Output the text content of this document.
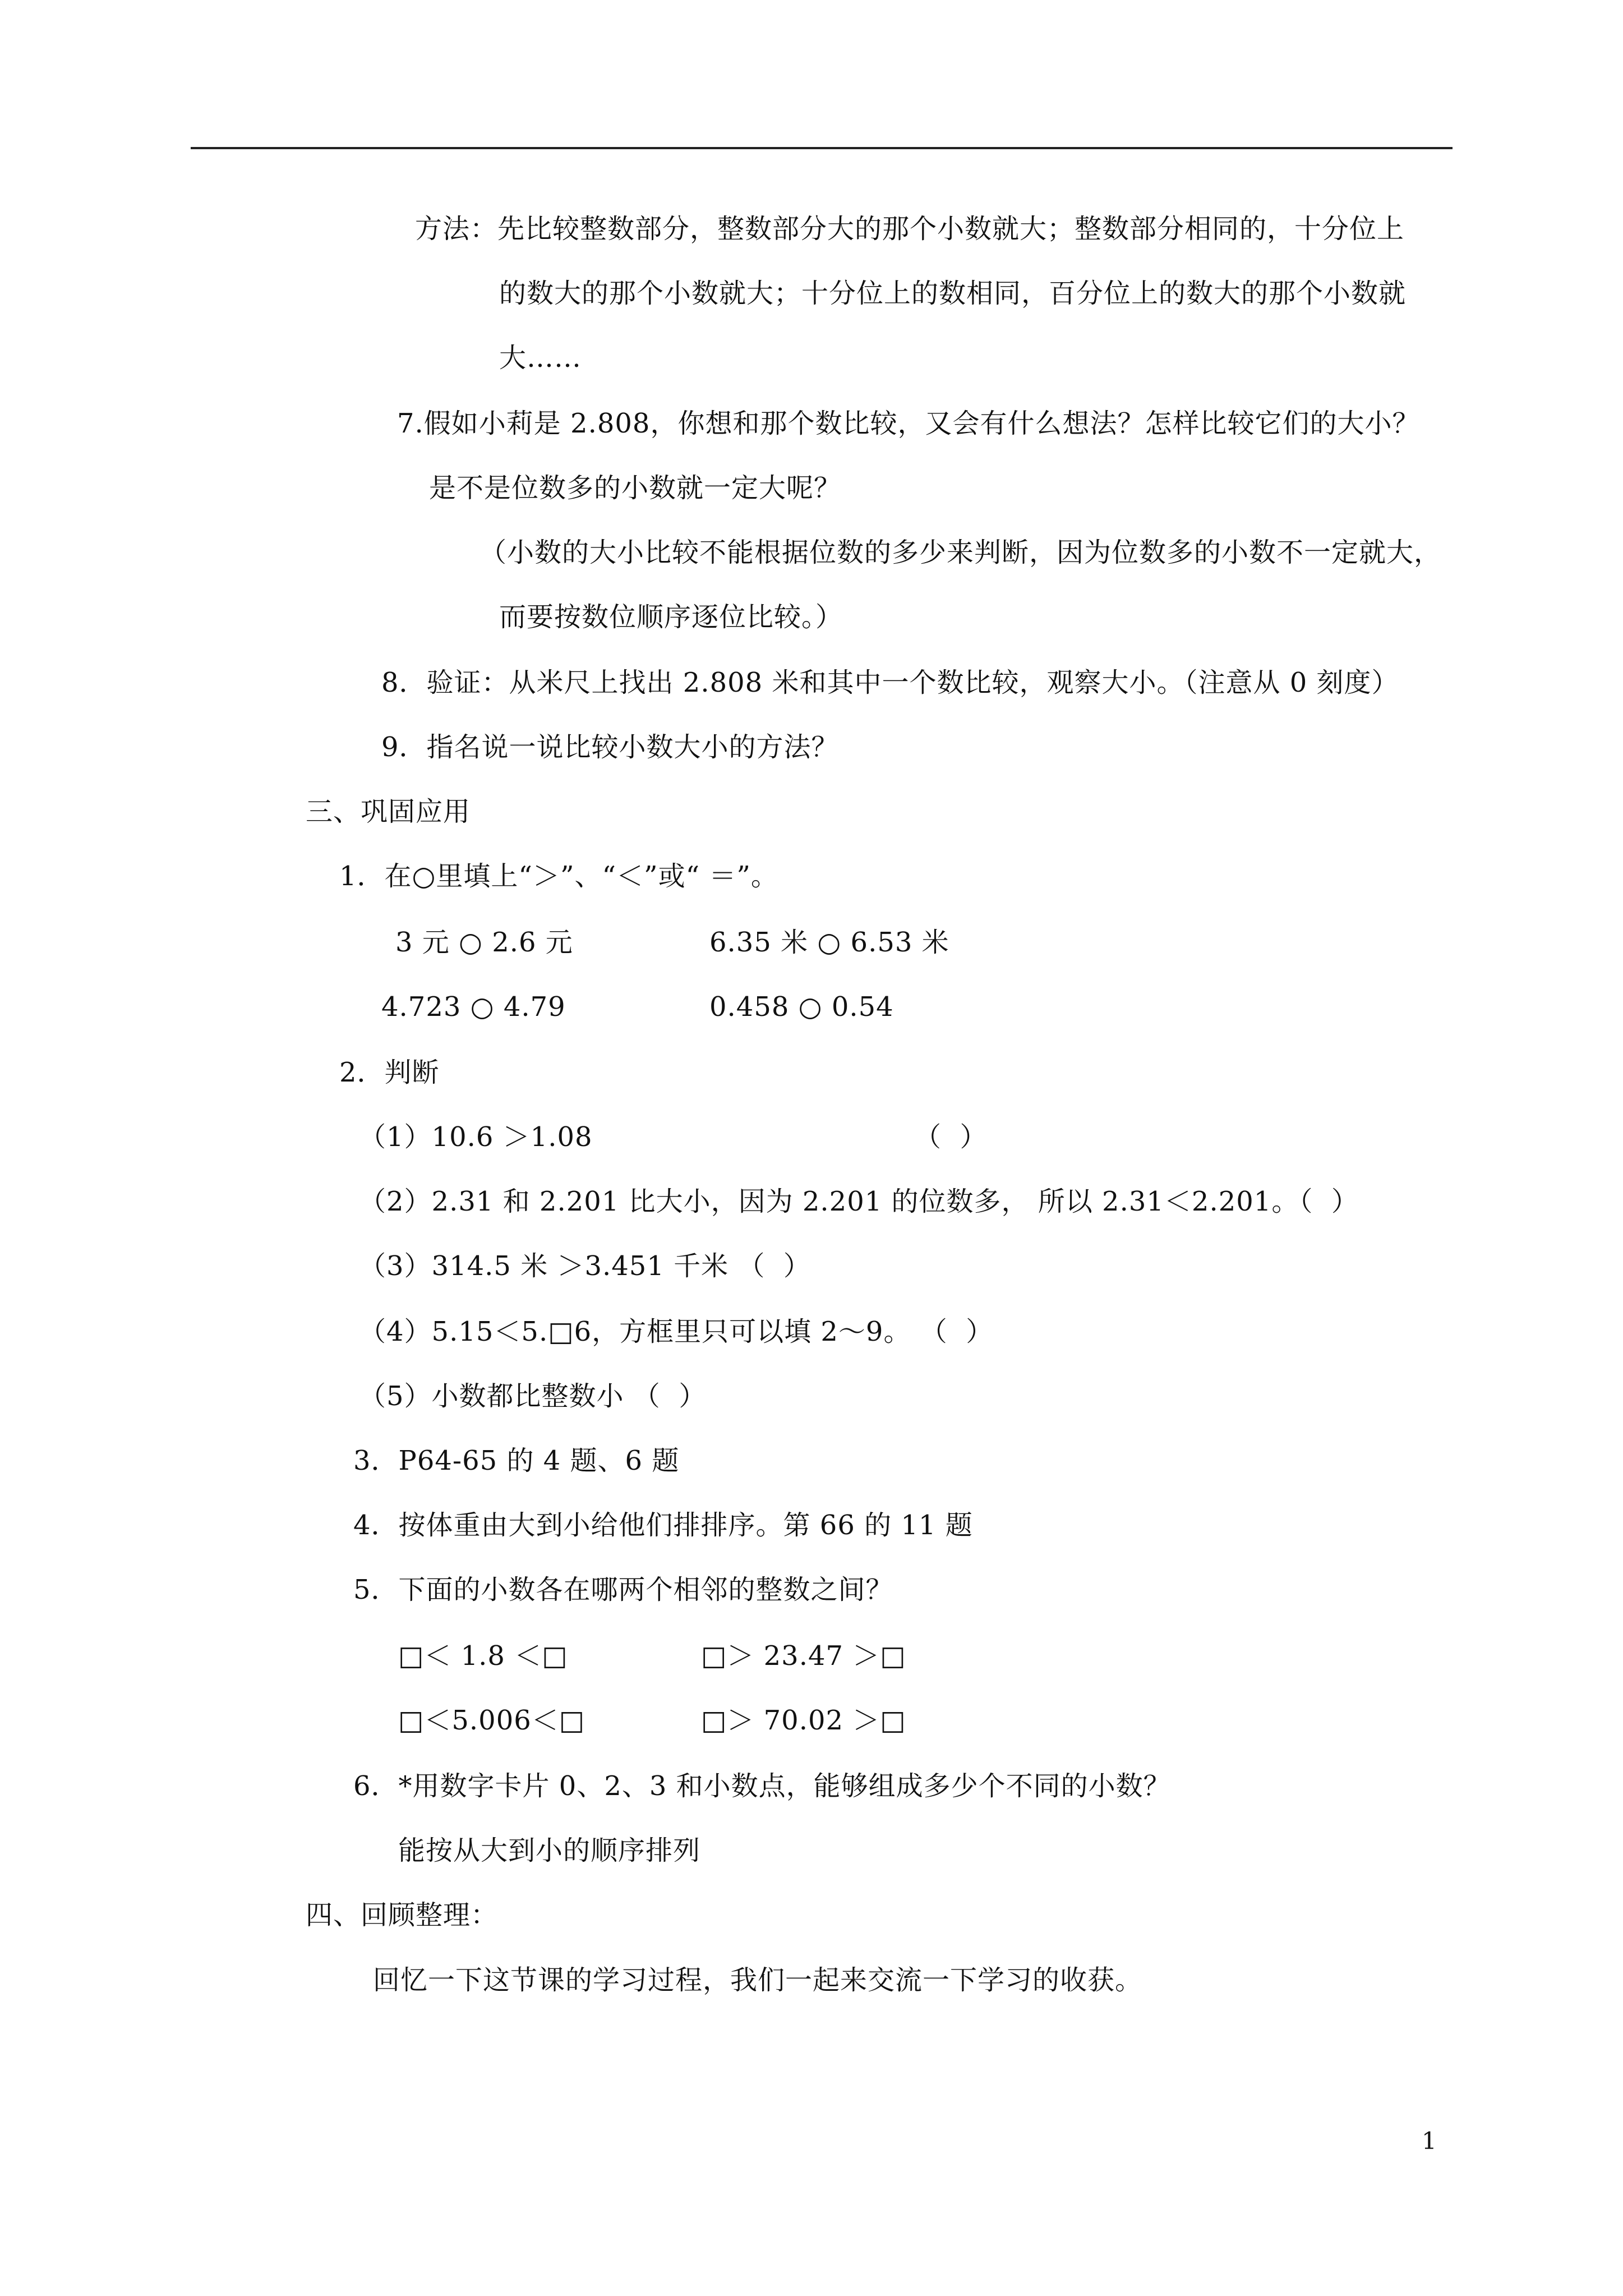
方法：先比较整数部分，整数部分大的那个小数就大；整数部分相同的，十分位上
的数大的那个小数就大；十分位上的数相同，百分位上的数大的那个小数就
大……
7.假如小莉是 2.808，你想和那个数比较，又会有什么想法？怎样比较它们的大小？
是不是位数多的小数就一定大呢？
（小数的大小比较不能根据位数的多少来判断，因为位数多的小数不一定就大，
而要按数位顺序逐位比较。）
8．验证：从米尺上找出 2.808 米和其中一个数比较，观察大小。（注意从 0 刻度）
9．指名说一说比较小数大小的方法？
三、巩固应用
1．在○里填上“＞”、“＜”或“ ＝”。
3 元 ○ 2.6 元	6.35 米 ○ 6.53 米
4.723 ○ 4.79	0.458 ○ 0.54
2．判断
（1）10.6 ＞1.08	（  ）
（2）2.31 和 2.201 比大小，因为 2.201 的位数多， 所以 2.31＜2.201。（  ）
（3）314.5 米 ＞3.451 千米 （  ）
（4）5.15＜5.□6，方框里只可以填 2～9。 （  ）
（5）小数都比整数小 （  ）
3．P64-65 的 4 题、6 题
4．按体重由大到小给他们排排序。第 66 的 11 题
5．下面的小数各在哪两个相邻的整数之间？
□＜ 1.8 ＜□	□＞ 23.47 ＞□
□＜5.006＜□	□＞ 70.02 ＞□
6．*用数字卡片 0、2、3 和小数点，能够组成多少个不同的小数？
能按从大到小的顺序排列
四、回顾整理：
回忆一下这节课的学习过程，我们一起来交流一下学习的收获。
1
